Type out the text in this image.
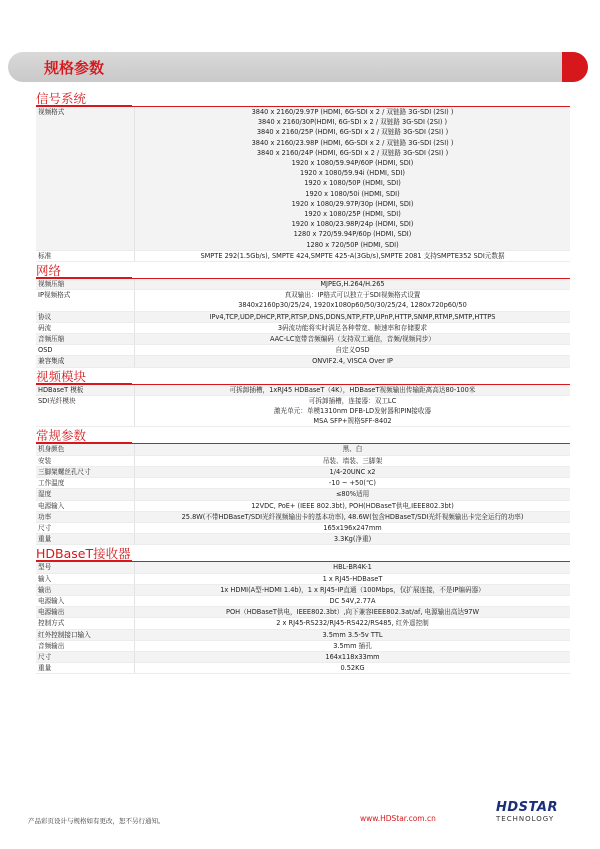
规格参数
信号系统
视频格式	3840 x 2160/29.97P (HDMI, 6G-SDI x 2 / 双链路 3G-SDI (2SI) )
3840 x 2160/30P(HDMI, 6G-SDI x 2 / 双链路 3G-SDI (2SI) )
3840 x 2160/25P (HDMI, 6G-SDI x 2 / 双链路 3G-SDI (2SI) )
3840 x 2160/23.98P (HDMI, 6G-SDI x 2 / 双链路 3G-SDI (2SI) )
3840 x 2160/24P (HDMI, 6G-SDI x 2 / 双链路 3G-SDI (2SI) )
1920 x 1080/59.94P/60P (HDMI, SDI)
1920 x 1080/59.94i (HDMI, SDI)
1920 x 1080/50P (HDMI, SDI)
1920 x 1080/50i (HDMI, SDI)
1920 x 1080/29.97P/30p (HDMI, SDI)
1920 x 1080/25P (HDMI, SDI)
1920 x 1080/23.98P/24p (HDMI, SDI)
1280 x 720/59.94P/60p (HDMI, SDI)
1280 x 720/50P (HDMI, SDI)
标准	SMPTE 292(1.5Gb/s), SMPTE 424,SMPTE 425-A(3Gb/s),SMPTE 2081 支持SMPTE352 SDI元数据
网络
视频压缩	MJPEG,H.264/H.265
IP视频格式	真双输出：IP格式可以独立于SDI视频格式设置
3840x2160p30/25/24, 1920x1080p60/50/30/25/24, 1280x720p60/50
协议	IPv4,TCP,UDP,DHCP,RTP,RTSP,DNS,DDNS,NTP,FTP,UPnP,HTTP,SNMP,RTMP,SMTP,HTTPS
码流	3码流功能将实时满足各种带宽、帧速率和存储要求
音频压缩	AAC-LC宽带音频编码（支持双工通信，音频/视频同步）
OSD	自定义OSD
兼容集成	ONVIF2.4, VISCA Over IP
视频模块
HDBaseT 模板	可拆卸插槽，1xRJ45 HDBaseT（4K），HDBaseT视频输出传输距离高达80-100米
SDI光纤模块	可拆卸插槽，连接器：双工LC
激光单元：单模1310nm DFB-LD发射器和PIN接收器
MSA SFP+规格SFF-8402
常规参数
机身颜色	黑、白
安装	吊装、墙装、三脚架
三脚架螺丝孔尺寸	1/4-20UNC x2
工作温度	-10 ~ +50(℃)
湿度	≤80%适用
电源输入	12VDC, PoE+ (IEEE 802.3bt), POH(HDBaseT供电,IEEE802.3bt)
功率	25.8W(不带HDBaseT/SDI光纤视频输出卡的基本功率), 48.6W(包含HDBaseT/SDI光纤视频输出卡完全运行的功率)
尺寸	165x196x247mm
重量	3.3Kg(净重)
HDBaseT接收器
型号	HBL-BR4K-1
输入	1 x RJ45-HDBaseT
输出	1x HDMI(A型-HDMI 1.4b)，1 x RJ45-IP直通（100Mbps，仅扩展连接，不是IP编码器）
电源输入	DC 54V,2.77A
电源输出	POH（HDBaseT供电，IEEE802.3bt）,向下兼容IEEE802.3at/af, 电源输出高达97W
控制方式	2 x RJ45-RS232/RJ45-RS422/RS485, 红外遥控制
红外控制接口输入	3.5mm 3.5-5v TTL
音频输出	3.5mm 插孔
尺寸	164x118x33mm
重量	0.52KG
产品彩页设计与规格如有更改，恕不另行通知。	www.HDStar.com.cn
HDSTAR
TECHNOLOGY
